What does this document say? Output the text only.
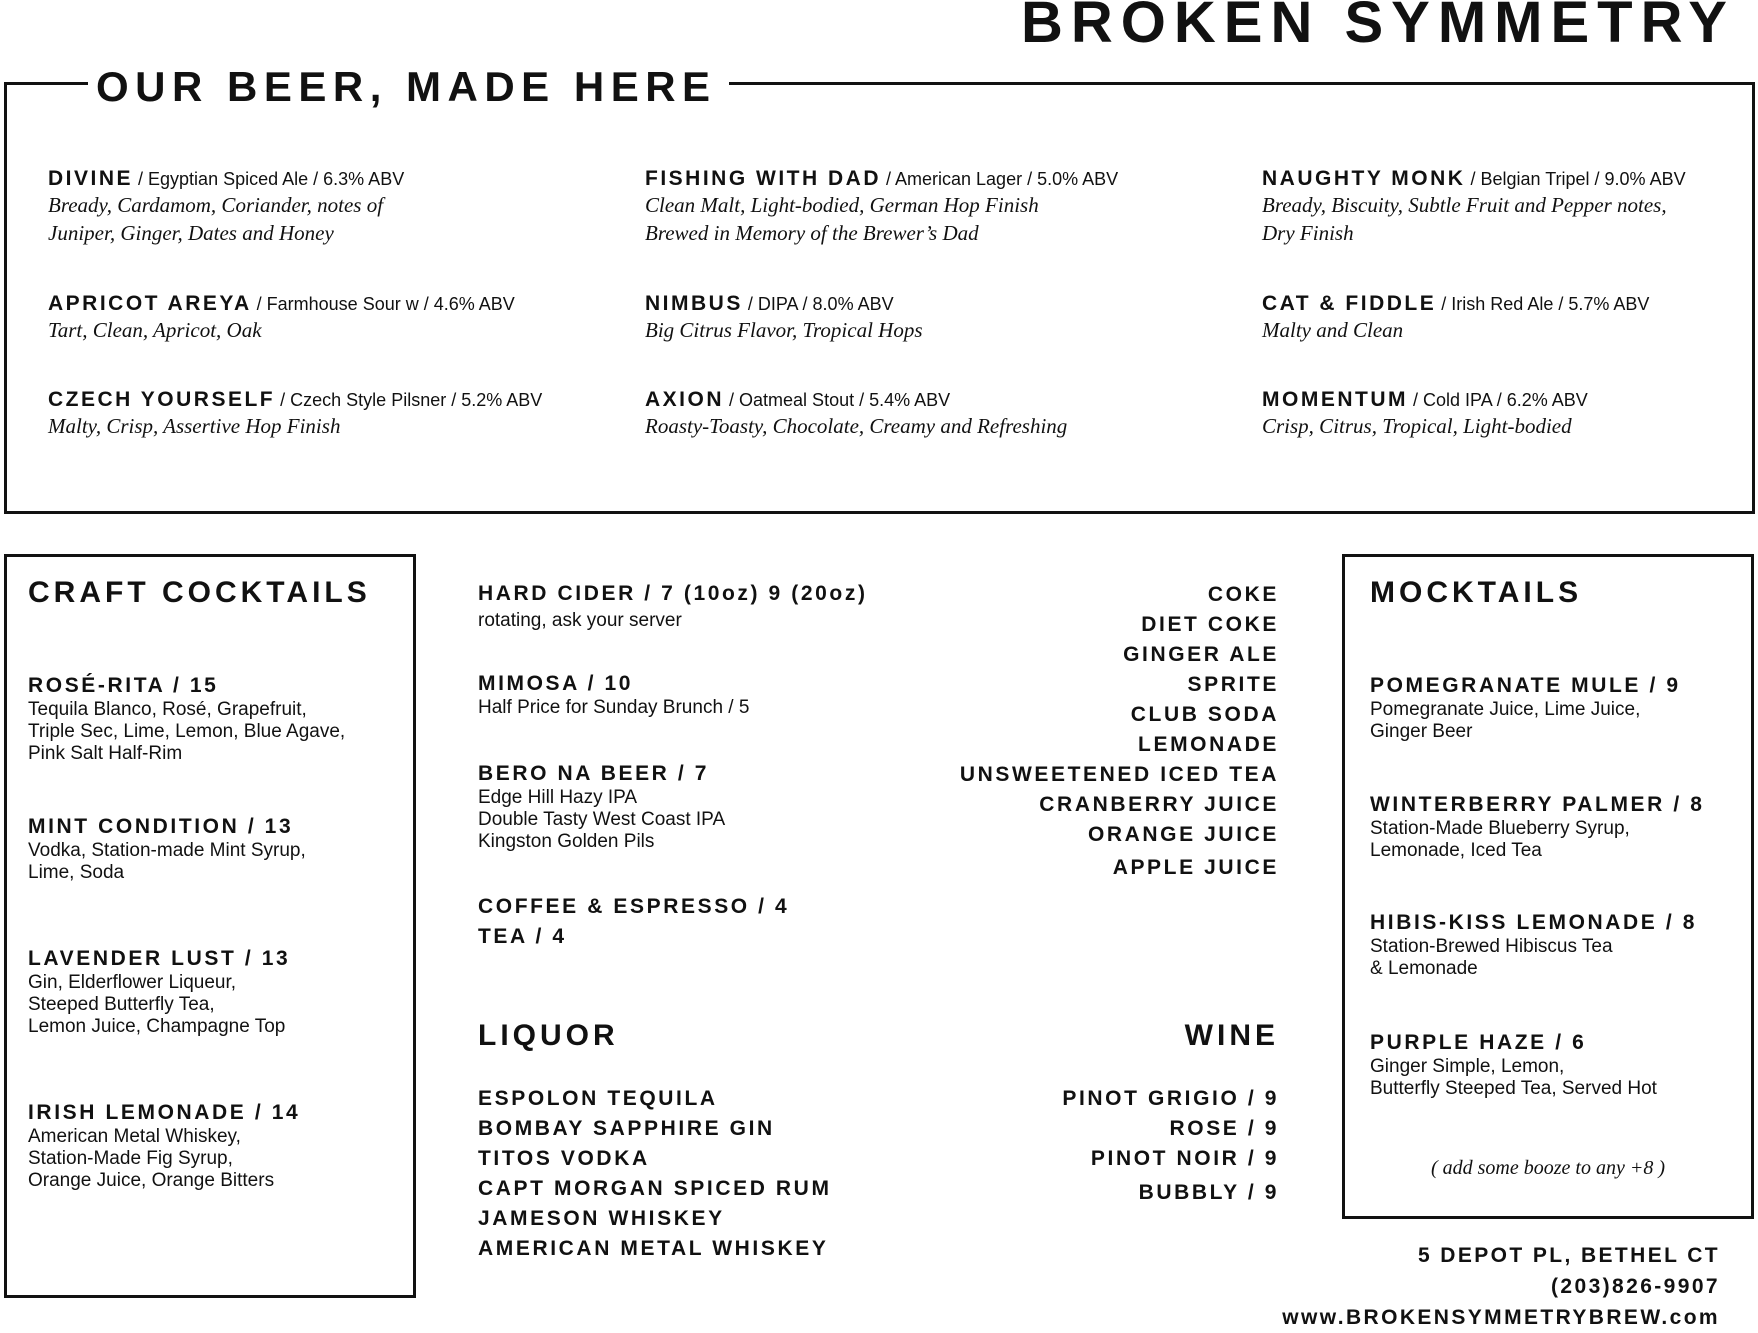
BROKEN SYMMETRY
OUR BEER, MADE HERE
DIVINE / Egyptian Spiced Ale / 6.3% ABV
Bready, Cardamom, Coriander, notes of
Juniper, Ginger, Dates and Honey
FISHING WITH DAD / American Lager / 5.0% ABV
Clean Malt, Light-bodied, German Hop Finish
Brewed in Memory of the Brewer’s Dad
NAUGHTY MONK / Belgian Tripel / 9.0% ABV
Bready, Biscuity, Subtle Fruit and Pepper notes,
Dry Finish
APRICOT AREYA / Farmhouse Sour w / 4.6% ABV
Tart, Clean, Apricot, Oak
NIMBUS / DIPA / 8.0% ABV
Big Citrus Flavor, Tropical Hops
CAT & FIDDLE / Irish Red Ale / 5.7% ABV
Malty and Clean
CZECH YOURSELF / Czech Style Pilsner / 5.2% ABV
Malty, Crisp, Assertive Hop Finish
AXION / Oatmeal Stout / 5.4% ABV
Roasty-Toasty, Chocolate, Creamy and Refreshing
MOMENTUM / Cold IPA / 6.2% ABV
Crisp, Citrus, Tropical, Light-bodied
CRAFT COCKTAILS
ROSÉ-RITA / 15
Tequila Blanco, Rosé, Grapefruit,
Triple Sec, Lime, Lemon, Blue Agave,
Pink Salt Half-Rim
MINT CONDITION / 13
Vodka, Station-made Mint Syrup,
Lime, Soda
LAVENDER LUST / 13
Gin, Elderflower Liqueur,
Steeped Butterfly Tea,
Lemon Juice, Champagne Top
IRISH LEMONADE / 14
American Metal Whiskey,
Station-Made Fig Syrup,
Orange Juice, Orange Bitters
HARD CIDER / 7 (10oz) 9 (20oz)
rotating, ask your server
MIMOSA / 10
Half Price for Sunday Brunch / 5
BERO NA BEER / 7
Edge Hill Hazy IPA
Double Tasty West Coast IPA
Kingston Golden Pils
COFFEE & ESPRESSO / 4
TEA / 4
COKE
DIET COKE
GINGER ALE
SPRITE
CLUB SODA
LEMONADE
UNSWEETENED ICED TEA
CRANBERRY JUICE
ORANGE JUICE
APPLE JUICE
LIQUOR
ESPOLON TEQUILA
BOMBAY SAPPHIRE GIN
TITOS VODKA
CAPT MORGAN SPICED RUM
JAMESON WHISKEY
AMERICAN METAL WHISKEY
WINE
PINOT GRIGIO / 9
ROSE / 9
PINOT NOIR / 9
BUBBLY / 9
MOCKTAILS
POMEGRANATE MULE / 9
Pomegranate Juice, Lime Juice,
Ginger Beer
WINTERBERRY PALMER / 8
Station-Made Blueberry Syrup,
Lemonade, Iced Tea
HIBIS-KISS LEMONADE / 8
Station-Brewed Hibiscus Tea
& Lemonade
PURPLE HAZE / 6
Ginger Simple, Lemon,
Butterfly Steeped Tea, Served Hot
( add some booze to any +8 )
5 DEPOT PL, BETHEL CT
(203)826-9907
www.BROKENSYMMETRYBREW.com
